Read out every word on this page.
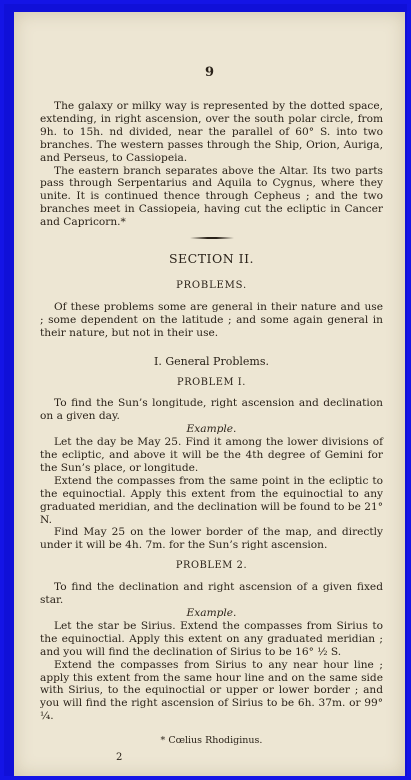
9

The galaxy or milky way is represented by the dotted space, extending, in right ascension, over the south polar circle, from 9h. to 15h. nd divided, near the parallel of 60° S. into two branches. The western passes through the Ship, Orion, Auriga, and Perseus, to Cassiopeia.

The eastern branch separates above the Altar. Its two parts pass through Serpentarius and Aquila to Cygnus, where they unite. It is continued thence through Cepheus ; and the two branches meet in Cassiopeia, having cut the ecliptic in Cancer and Capricorn.*

SECTION II.

PROBLEMS.

Of these problems some are general in their nature and use ; some dependent on the latitude ; and some again general in their nature, but not in their use.

I. General Problems.

PROBLEM I.

To find the Sun’s longitude, right ascension and declination on a given day.

Example.

Let the day be May 25. Find it among the lower divisions of the ecliptic, and above it will be the 4th degree of Gemini for the Sun’s place, or longitude.

Extend the compasses from the same point in the ecliptic to the equinoctial. Apply this extent from the equinoctial to any graduated meridian, and the declination will be found to be 21° N.

Find May 25 on the lower border of the map, and directly under it will be 4h. 7m. for the Sun’s right ascension.

PROBLEM 2.

To find the declination and right ascension of a given fixed star.

Example.

Let the star be Sirius. Extend the compasses from Sirius to the equinoctial. Apply this extent on any graduated meridian ; and you will find the declination of Sirius to be 16° ½ S.

Extend the compasses from Sirius to any near hour line ; apply this extent from the same hour line and on the same side with Sirius, to the equinoctial or upper or lower border ; and you will find the right ascension of Sirius to be 6h. 37m. or 99° ¼.

* Cœlius Rhodiginus.

2
